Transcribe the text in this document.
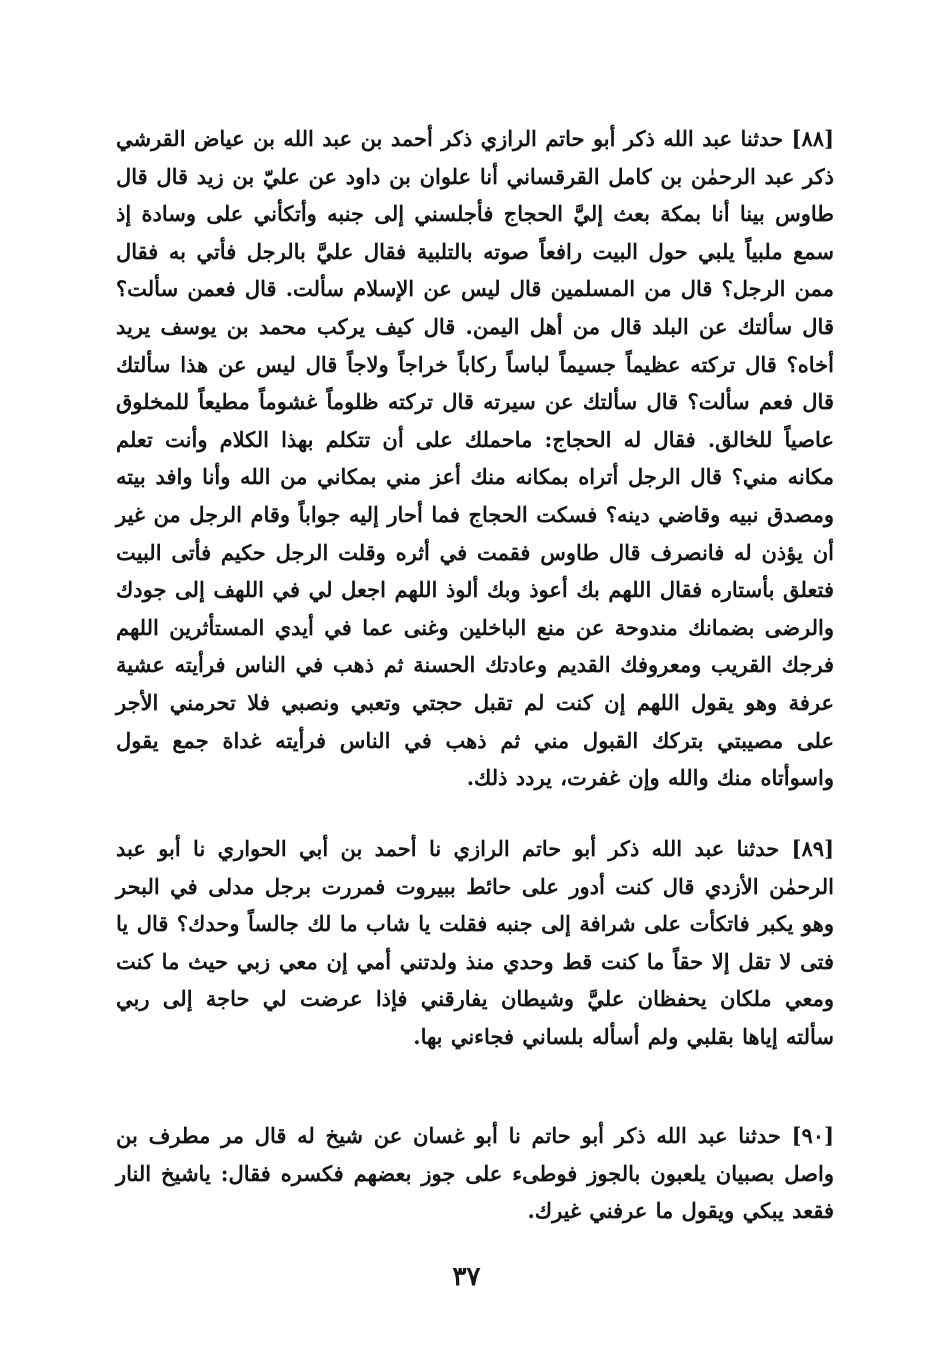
[٨٨] حدثنا عبد الله ذكر أبو حاتم الرازي ذكر أحمد بن عبد الله بن عياض القرشي ذكر عبد الرحمٰن بن كامل القرقساني أنا علوان بن داود عن عليّ بن زيد قال قال طاوس بينا أنا بمكة بعث إليَّ الحجاج فأجلسني إلى جنبه وأتكأني على وسادة إذ سمع ملبياً يلبي حول البيت رافعاً صوته بالتلبية فقال عليَّ بالرجل فأتي به فقال ممن الرجل؟ قال من المسلمين قال ليس عن الإسلام سألت. قال فعمن سألت؟ قال سألتك عن البلد قال من أهل اليمن. قال كيف يركب محمد بن يوسف يريد أخاه؟ قال تركته عظيماً جسيماً لباساً ركاباً خراجاً ولاجاً قال ليس عن هذا سألتك قال فعم سألت؟ قال سألتك عن سيرته قال تركته ظلوماً غشوماً مطيعاً للمخلوق عاصياً للخالق. فقال له الحجاج: ماحملك على أن تتكلم بهذا الكلام وأنت تعلم مكانه مني؟ قال الرجل أتراه بمكانه منك أعز مني بمكاني من الله وأنا وافد بيته ومصدق نبيه وقاضي دينه؟ فسكت الحجاج فما أحار إليه جواباً وقام الرجل من غير أن يؤذن له فانصرف قال طاوس فقمت في أثره وقلت الرجل حكيم فأتى البيت فتعلق بأستاره فقال اللهم بك أعوذ وبك ألوذ اللهم اجعل لي في اللهف إلى جودك والرضى بضمانك مندوحة عن منع الباخلين وغنى عما في أيدي المستأثرين اللهم فرجك القريب ومعروفك القديم وعادتك الحسنة ثم ذهب في الناس فرأيته عشية عرفة وهو يقول اللهم إن كنت لم تقبل حجتي وتعبي ونصبي فلا تحرمني الأجر على مصيبتي بتركك القبول مني ثم ذهب في الناس فرأيته غداة جمع يقول واسوأتاه منك والله وإن غفرت، يردد ذلك.
[٨٩] حدثنا عبد الله ذكر أبو حاتم الرازي نا أحمد بن أبي الحواري نا أبو عبد الرحمٰن الأزدي قال كنت أدور على حائط ببيروت فمررت برجل مدلى في البحر وهو يكبر فاتكأت على شرافة إلى جنبه فقلت يا شاب ما لك جالساً وحدك؟ قال يا فتى لا تقل إلا حقاً ما كنت قط وحدي منذ ولدتني أمي إن معي زبي حيث ما كنت ومعي ملكان يحفظان عليَّ وشيطان يفارقني فإذا عرضت لي حاجة إلى ربي سألته إياها بقلبي ولم أسأله بلساني فجاءني بها.
[٩٠] حدثنا عبد الله ذكر أبو حاتم نا أبو غسان عن شيخ له قال مر مطرف بن واصل بصبيان يلعبون بالجوز فوطىء على جوز بعضهم فكسره فقال: ياشيخ النار فقعد يبكي ويقول ما عرفني غيرك.
٣٧
